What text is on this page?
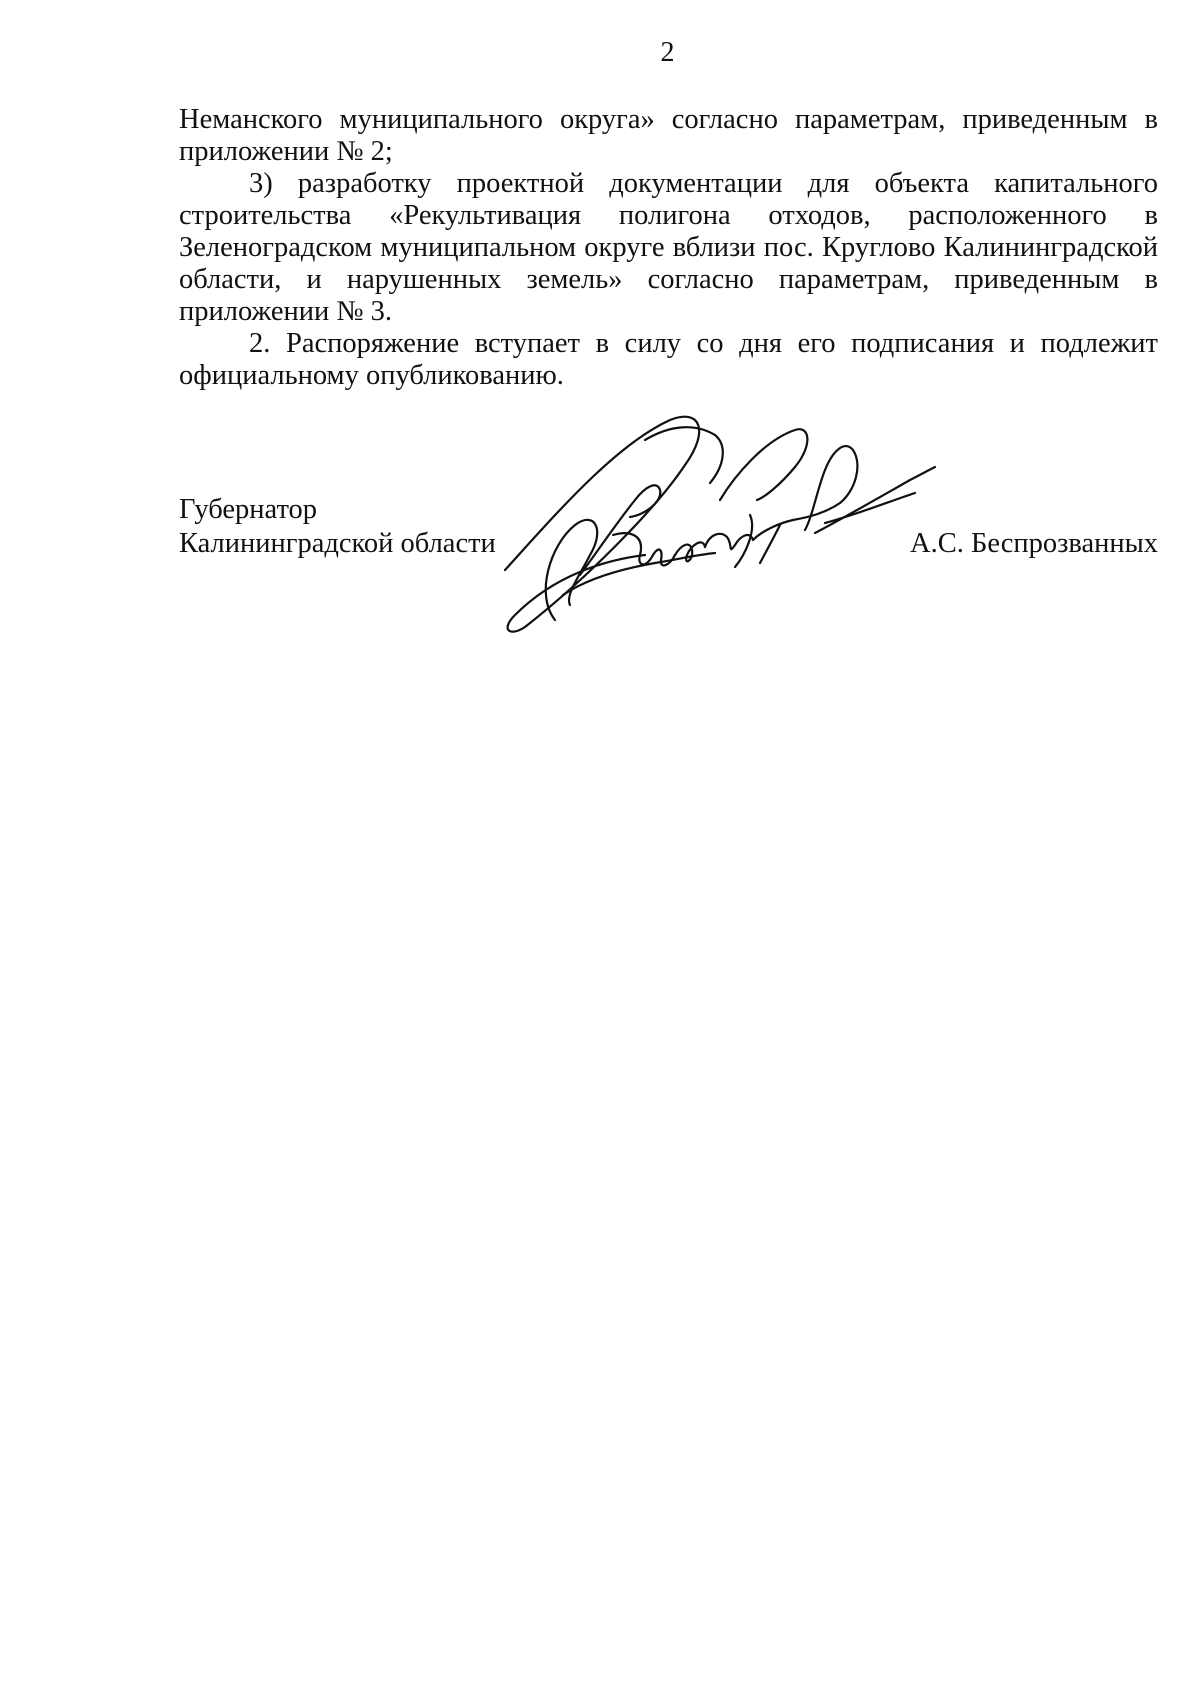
2

Неманского муниципального округа» согласно параметрам, приведенным в приложении № 2;

3) разработку проектной документации для объекта капитального строительства «Рекультивация полигона отходов, расположенного в Зеленоградском муниципальном округе вблизи пос. Круглово Калининградской области, и нарушенных земель» согласно параметрам, приведенным в приложении № 3.

2. Распоряжение вступает в силу со дня его подписания и подлежит официальному опубликованию.

Губернатор

Калининградской области	А.С. Беспрозванных
